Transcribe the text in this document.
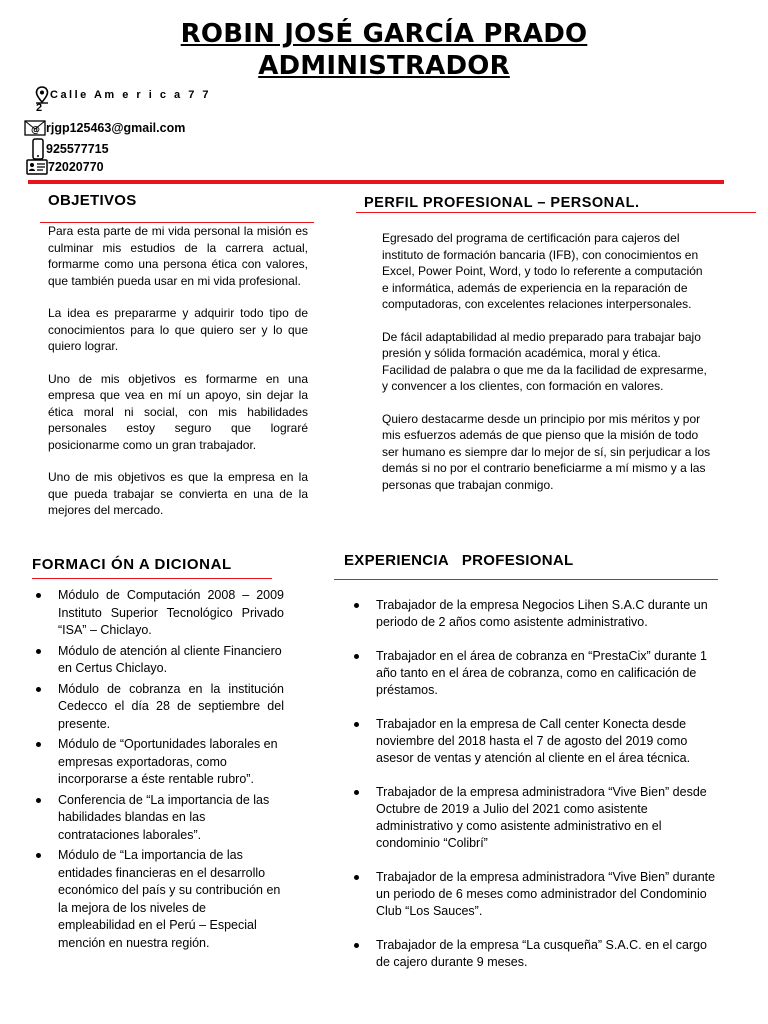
ROBIN JOSÉ GARCÍA PRADO
ADMINISTRADOR
Calle Am e r i c a 7 7
2
@ rjgp125463@gmail.com
925577715
72020770
OBJETIVOS

Para esta parte de mi vida personal la misión es culminar mis estudios de la carrera actual, formarme como una persona ética con valores, que también pueda usar en mi vida profesional.

La idea es prepararme y adquirir todo tipo de conocimientos para lo que quiero ser y lo que quiero lograr.

Uno de mis objetivos es formarme en una empresa que vea en mí un apoyo, sin dejar la ética moral ni social, con mis habilidades personales estoy seguro que lograré posicionarme como un gran trabajador.

Uno de mis objetivos es que la empresa en la que pueda trabajar se convierta en una de la mejores del mercado.

PERFIL PROFESIONAL – PERSONAL.

Egresado del programa de certificación para cajeros del instituto de formación bancaria (IFB), con conocimientos en Excel, Power Point, Word, y todo lo referente a computación e informática, además de experiencia en la reparación de computadoras, con excelentes relaciones interpersonales.

De fácil adaptabilidad al medio preparado para trabajar bajo presión y sólida formación académica, moral y ética. Facilidad de palabra o que me da la facilidad de expresarme, y convencer a los clientes, con formación en valores.

Quiero destacarme desde un principio por mis méritos y por mis esfuerzos además de que pienso que la misión de todo ser humano es siempre dar lo mejor de sí, sin perjudicar a los demás si no por el contrario beneficiarme a mí mismo y a las personas que trabajan conmigo.

FORMACI ÓN A DICIONAL
Módulo de Computación 2008 – 2009 Instituto Superior Tecnológico Privado “ISA” – Chiclayo.
Módulo de atención al cliente Financiero en Certus Chiclayo.
Módulo de cobranza en la institución Cedecco el día 28 de septiembre del presente.
Módulo de “Oportunidades laborales en empresas exportadoras, como incorporarse a éste rentable rubro”.
Conferencia de “La importancia de las habilidades blandas en las contrataciones laborales”.
Módulo de “La importancia de las entidades financieras en el desarrollo económico del país y su contribución en la mejora de los niveles de empleabilidad en el Perú – Especial mención en nuestra región.
EXPERIENCIA   PROFESIONAL
Trabajador de la empresa Negocios Lihen S.A.C durante un periodo de 2 años como asistente administrativo.
Trabajador en el área de cobranza en “PrestaCix” durante 1 año tanto en el área de cobranza, como en calificación de préstamos.
Trabajador en la empresa de Call center Konecta desde noviembre del 2018 hasta el 7 de agosto del 2019 como asesor de ventas y atención al cliente en el área técnica.
Trabajador de la empresa administradora “Vive Bien” desde Octubre de 2019 a Julio del 2021 como asistente administrativo y como asistente administrativo en el condominio “Colibrí”
Trabajador de la empresa administradora “Vive Bien” durante un periodo de 6 meses como administrador del Condominio Club “Los Sauces”.
Trabajador de la empresa “La cusqueña” S.A.C. en el cargo de cajero durante 9 meses.
